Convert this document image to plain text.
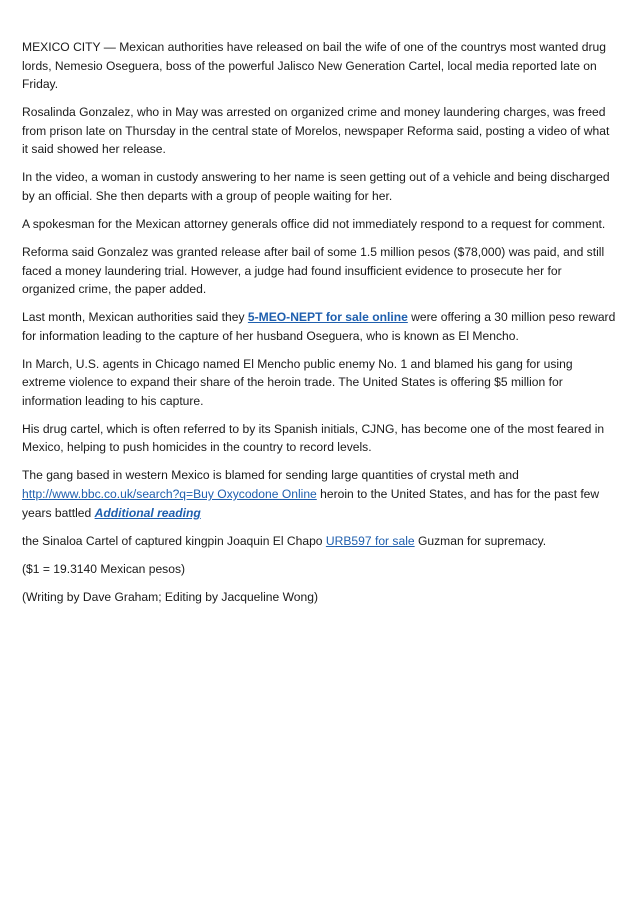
MEXICO CITY — Mexican authorities have released on bail the wife of one of the countrys most wanted drug lords, Nemesio Oseguera, boss of the powerful Jalisco New Generation Cartel, local media reported late on Friday.

Rosalinda Gonzalez, who in May was arrested on organized crime and money laundering charges, was freed from prison late on Thursday in the central state of Morelos, newspaper Reforma said, posting a video of what it said showed her release.

In the video, a woman in custody answering to her name is seen getting out of a vehicle and being discharged by an official. She then departs with a group of people waiting for her.

A spokesman for the Mexican attorney generals office did not immediately respond to a request for comment.

Reforma said Gonzalez was granted release after bail of some 1.5 million pesos ($78,000) was paid, and still faced a money laundering trial. However, a judge had found insufficient evidence to prosecute her for organized crime, the paper added.

Last month, Mexican authorities said they 5-MEO-NEPT for sale online were offering a 30 million peso reward for information leading to the capture of her husband Oseguera, who is known as El Mencho.

In March, U.S. agents in Chicago named El Mencho public enemy No. 1 and blamed his gang for using extreme violence to expand their share of the heroin trade. The United States is offering $5 million for information leading to his capture.

His drug cartel, which is often referred to by its Spanish initials, CJNG, has become one of the most feared in Mexico, helping to push homicides in the country to record levels.

The gang based in western Mexico is blamed for sending large quantities of crystal meth and http://www.bbc.co.uk/search?q=Buy Oxycodone Online heroin to the United States, and has for the past few years battled Additional reading

the Sinaloa Cartel of captured kingpin Joaquin El Chapo URB597 for sale Guzman for supremacy.

($1 = 19.3140 Mexican pesos)

(Writing by Dave Graham; Editing by Jacqueline Wong)
